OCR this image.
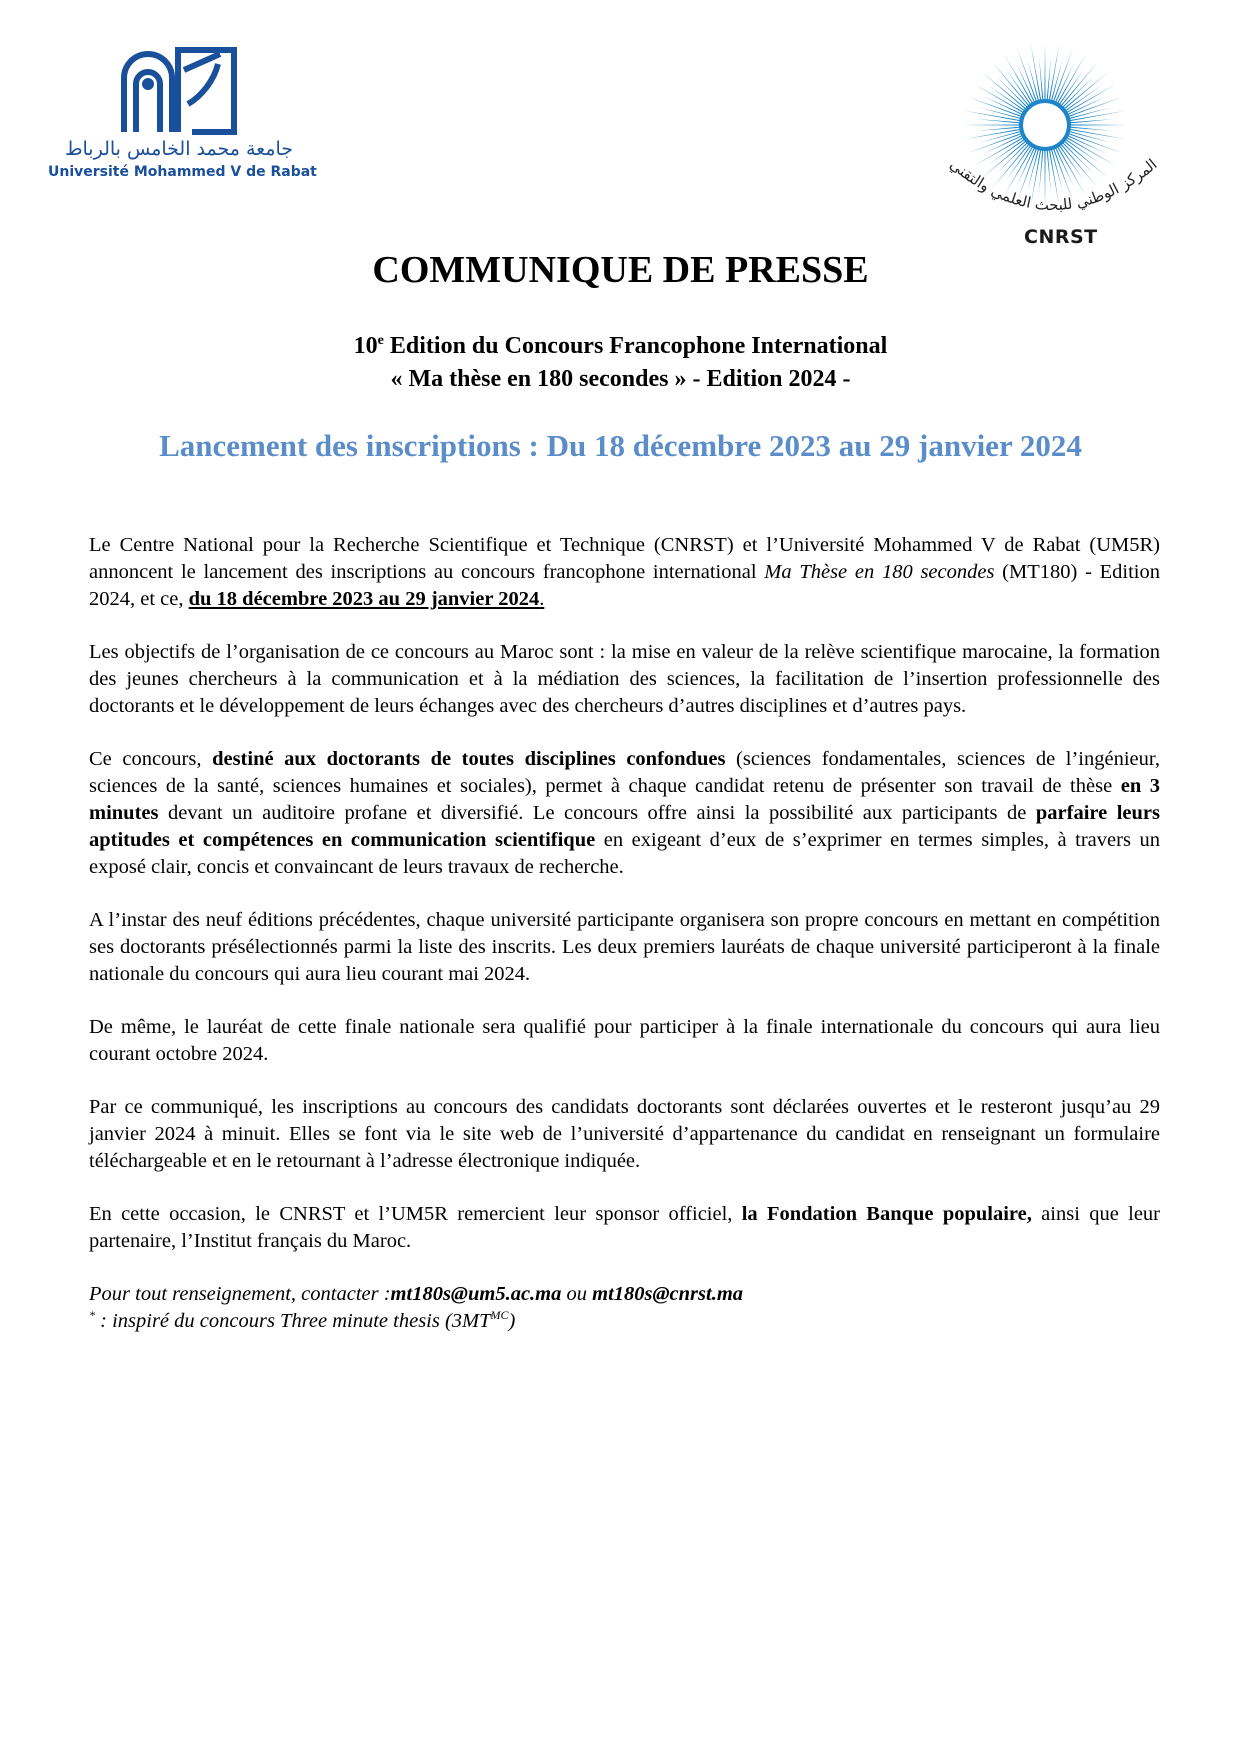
جامعة محمد الخامس بالرباط
Université Mohammed V de Rabat	المركز الوطني للبحث العلمي والتقني
CNRST
COMMUNIQUE DE PRESSE
10e Edition du Concours Francophone International
« Ma thèse en 180 secondes » - Edition 2024 -
Lancement des inscriptions : Du 18 décembre 2023 au 29 janvier 2024

Le Centre National pour la Recherche Scientifique et Technique (CNRST) et l’Université Mohammed V de Rabat (UM5R) annoncent le lancement des inscriptions au concours francophone international Ma Thèse en 180 secondes (MT180) - Edition 2024, et ce, du 18 décembre 2023 au 29 janvier 2024.

Les objectifs de l’organisation de ce concours au Maroc sont : la mise en valeur de la relève scientifique marocaine, la formation des jeunes chercheurs à la communication et à la médiation des sciences, la facilitation de l’insertion professionnelle des doctorants et le développement de leurs échanges avec des chercheurs d’autres disciplines et d’autres pays.

Ce concours, destiné aux doctorants de toutes disciplines confondues (sciences fondamentales, sciences de l’ingénieur, sciences de la santé, sciences humaines et sociales), permet à chaque candidat retenu de présenter son travail de thèse en 3 minutes devant un auditoire profane et diversifié. Le concours offre ainsi la possibilité aux participants de parfaire leurs aptitudes et compétences en communication scientifique en exigeant d’eux de s’exprimer en termes simples, à travers un exposé clair, concis et convaincant de leurs travaux de recherche.

A l’instar des neuf éditions précédentes, chaque université participante organisera son propre concours en mettant en compétition ses doctorants présélectionnés parmi la liste des inscrits. Les deux premiers lauréats de chaque université participeront à la finale nationale du concours qui aura lieu courant mai 2024.

De même, le lauréat de cette finale nationale sera qualifié pour participer à la finale internationale du concours qui aura lieu courant octobre 2024.

Par ce communiqué, les inscriptions au concours des candidats doctorants sont déclarées ouvertes et le resteront jusqu’au 29 janvier 2024 à minuit. Elles se font via le site web de l’université d’appartenance du candidat en renseignant un formulaire téléchargeable et en le retournant à l’adresse électronique indiquée.

En cette occasion, le CNRST et l’UM5R remercient leur sponsor officiel, la Fondation Banque populaire, ainsi que leur partenaire, l’Institut français du Maroc.

Pour tout renseignement, contacter :mt180s@um5.ac.ma ou mt180s@cnrst.ma
* : inspiré du concours Three minute thesis $(3MT^{MC})$
